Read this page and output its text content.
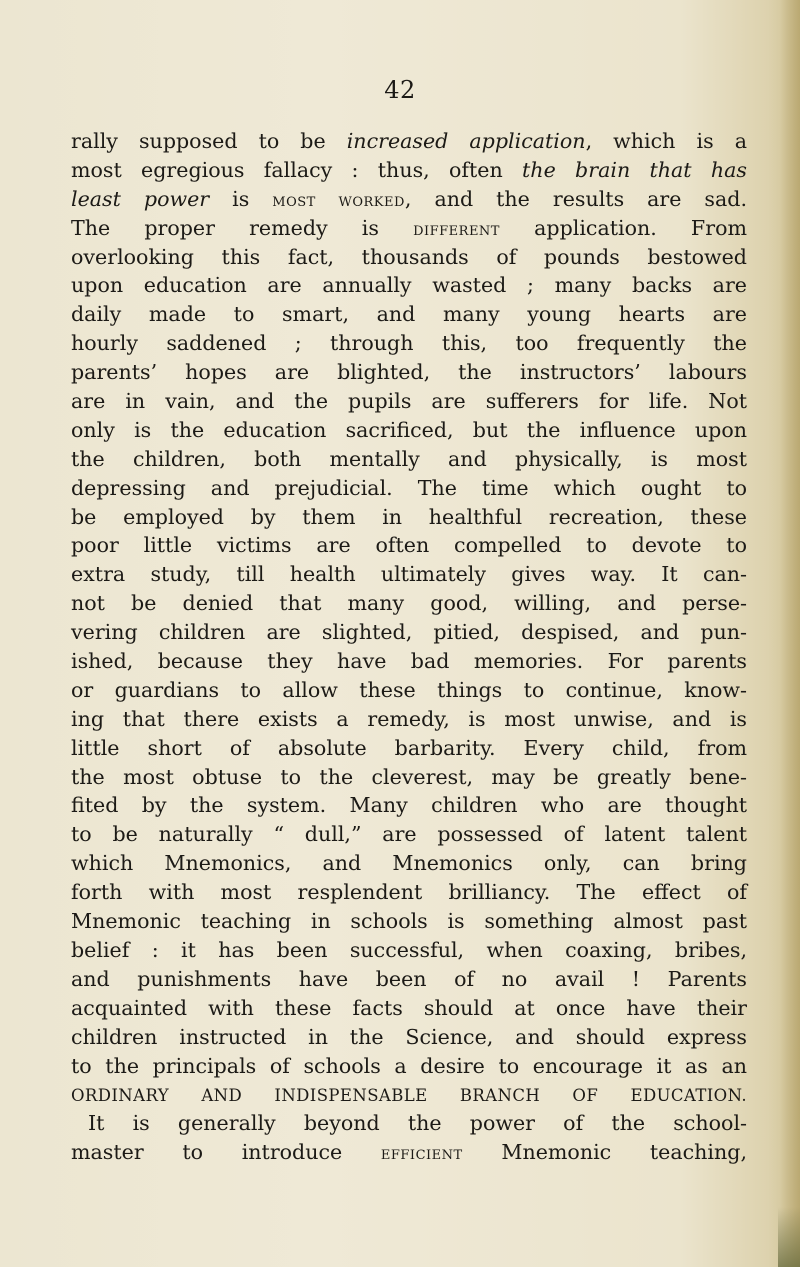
42

rally supposed to be increased application, which is a
most egregious fallacy : thus, often the brain that has
least power is most worked, and the results are sad.
The proper remedy is different application. From
overlooking this fact, thousands of pounds bestowed
upon education are annually wasted ; many backs are
daily made to smart, and many young hearts are
hourly saddened ; through this, too frequently the
parents’ hopes are blighted, the instructors’ labours
are in vain, and the pupils are sufferers for life. Not
only is the education sacrificed, but the influence upon
the children, both mentally and physically, is most
depressing and prejudicial. The time which ought to
be employed by them in healthful recreation, these
poor little victims are often compelled to devote to
extra study, till health ultimately gives way. It can-
not be denied that many good, willing, and perse-
vering children are slighted, pitied, despised, and pun-
ished, because they have bad memories. For parents
or guardians to allow these things to continue, know-
ing that there exists a remedy, is most unwise, and is
little short of absolute barbarity. Every child, from
the most obtuse to the cleverest, may be greatly bene-
fited by the system. Many children who are thought
to be naturally “ dull,” are possessed of latent talent
which Mnemonics, and Mnemonics only, can bring
forth with most resplendent brilliancy. The effect of
Mnemonic teaching in schools is something almost past
belief : it has been successful, when coaxing, bribes,
and punishments have been of no avail ! Parents
acquainted with these facts should at once have their
children instructed in the Science, and should express
to the principals of schools a desire to encourage it as an
ORDINARY AND INDISPENSABLE BRANCH OF EDUCATION.
It is generally beyond the power of the school-
master to introduce efficient Mnemonic teaching,
